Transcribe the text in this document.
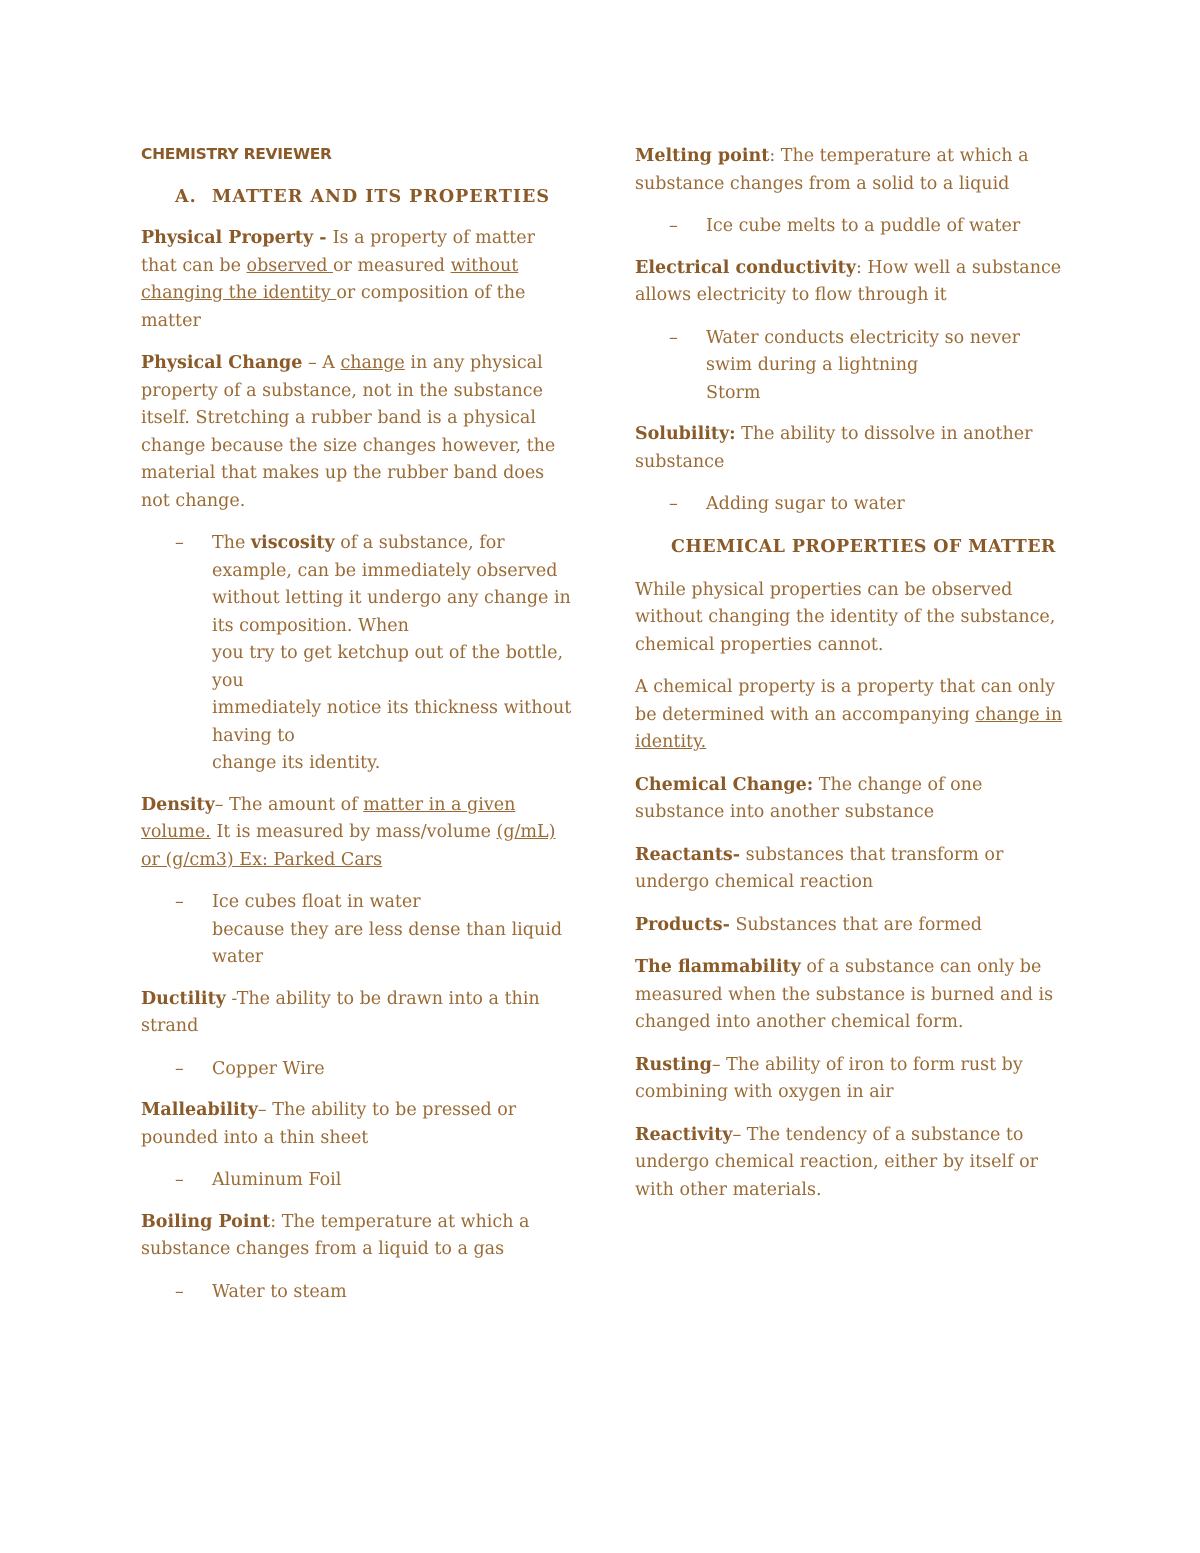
CHEMISTRY REVIEWER
A. MATTER AND ITS PROPERTIES

Physical Property - Is a property of matter that can be observed or measured without changing the identity or composition of the matter

Physical Change – A change in any physical property of a substance, not in the substance itself. Stretching a rubber band is a physical change because the size changes however, the material that makes up the rubber band does not change.

– The viscosity of a substance, for example, can be immediately observed without letting it undergo any change in its composition. When
you try to get ketchup out of the bottle, you
immediately notice its thickness without having to
change its identity.

Density– The amount of matter in a given volume. It is measured by mass/volume (g/mL) or (g/cm3) Ex: Parked Cars

– Ice cubes float in water
because they are less dense than liquid water

Ductility -The ability to be drawn into a thin strand

– Copper Wire

Malleability– The ability to be pressed or pounded into a thin sheet

– Aluminum Foil

Boiling Point: The temperature at which a substance changes from a liquid to a gas

– Water to steam

Melting point: The temperature at which a substance changes from a solid to a liquid

– Ice cube melts to a puddle of water

Electrical conductivity: How well a substance allows electricity to flow through it

– Water conducts electricity so never swim during a lightning
Storm

Solubility: The ability to dissolve in another substance

– Adding sugar to water
CHEMICAL PROPERTIES OF MATTER

While physical properties can be observed without changing the identity of the substance, chemical properties cannot.

A chemical property is a property that can only be determined with an accompanying change in identity.

Chemical Change: The change of one substance into another substance

Reactants- substances that transform or undergo chemical reaction

Products- Substances that are formed

The flammability of a substance can only be measured when the substance is burned and is changed into another chemical form.

Rusting– The ability of iron to form rust by combining with oxygen in air

Reactivity– The tendency of a substance to undergo chemical reaction, either by itself or with other materials.
